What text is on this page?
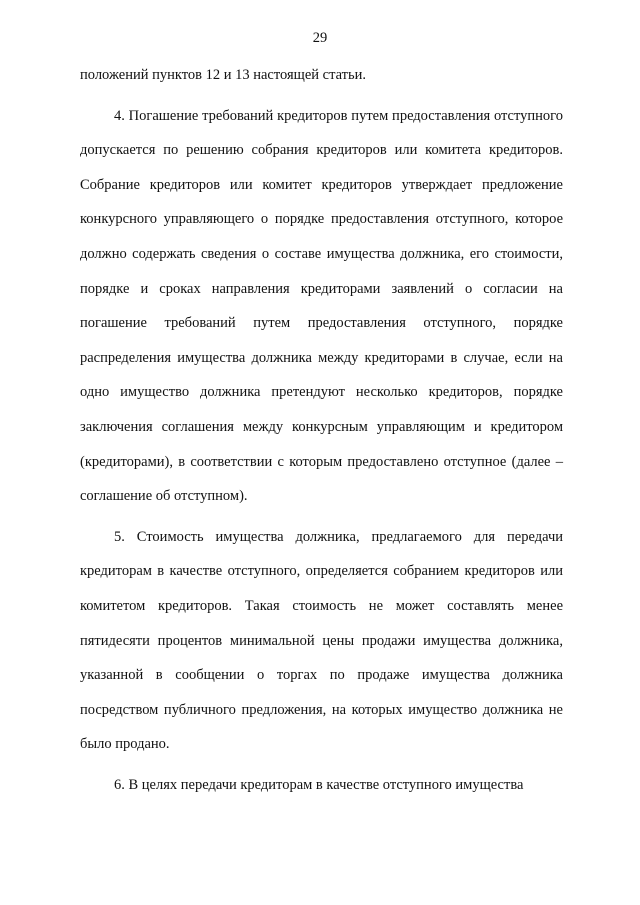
29

положений пунктов 12 и 13 настоящей статьи.

4. Погашение требований кредиторов путем предоставления отступного допускается по решению собрания кредиторов или комитета кредиторов. Собрание кредиторов или комитет кредиторов утверждает предложение конкурсного управляющего о порядке предоставления отступного, которое должно содержать сведения о составе имущества должника, его стоимости, порядке и сроках направления кредиторами заявлений о согласии на погашение требований путем предоставления отступного, порядке распределения имущества должника между кредиторами в случае, если на одно имущество должника претендуют несколько кредиторов, порядке заключения соглашения между конкурсным управляющим и кредитором (кредиторами), в соответствии с которым предоставлено отступное (далее – соглашение об отступном).

5. Стоимость имущества должника, предлагаемого для передачи кредиторам в качестве отступного, определяется собранием кредиторов или комитетом кредиторов. Такая стоимость не может составлять менее пятидесяти процентов минимальной цены продажи имущества должника, указанной в сообщении о торгах по продаже имущества должника посредством публичного предложения, на которых имущество должника не было продано.

6. В целях передачи кредиторам в качестве отступного имущества
